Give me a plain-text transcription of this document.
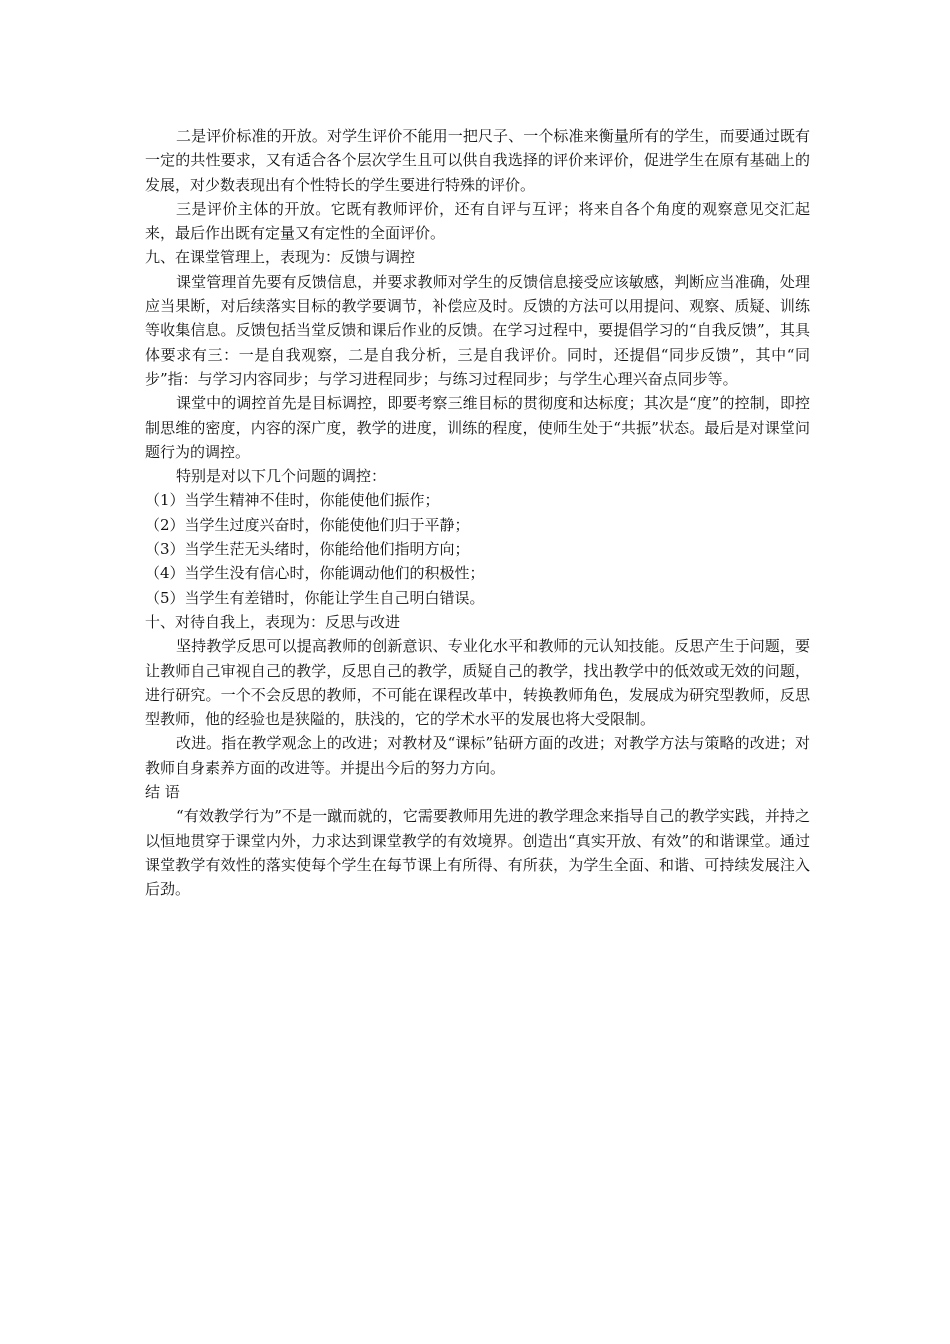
二是评价标准的开放。对学生评价不能用一把尺子、一个标准来衡量所有的学生，而要通过既有一定的共性要求，又有适合各个层次学生且可以供自我选择的评价来评价，促进学生在原有基础上的发展，对少数表现出有个性特长的学生要进行特殊的评价。

三是评价主体的开放。它既有教师评价，还有自评与互评；将来自各个角度的观察意见交汇起来，最后作出既有定量又有定性的全面评价。

九、在课堂管理上，表现为：反馈与调控

课堂管理首先要有反馈信息，并要求教师对学生的反馈信息接受应该敏感，判断应当准确，处理应当果断，对后续落实目标的教学要调节，补偿应及时。反馈的方法可以用提问、观察、质疑、训练等收集信息。反馈包括当堂反馈和课后作业的反馈。在学习过程中，要提倡学习的“自我反馈”，其具体要求有三：一是自我观察，二是自我分析，三是自我评价。同时，还提倡“同步反馈”，其中“同步”指：与学习内容同步；与学习进程同步；与练习过程同步；与学生心理兴奋点同步等。

课堂中的调控首先是目标调控，即要考察三维目标的贯彻度和达标度；其次是“度”的控制，即控制思维的密度，内容的深广度，教学的进度，训练的程度，使师生处于“共振”状态。最后是对课堂问题行为的调控。

特别是对以下几个问题的调控：

（1）当学生精神不佳时，你能使他们振作；

（2）当学生过度兴奋时，你能使他们归于平静；

（3）当学生茫无头绪时，你能给他们指明方向；

（4）当学生没有信心时，你能调动他们的积极性；

（5）当学生有差错时，你能让学生自己明白错误。

十、对待自我上，表现为：反思与改进

坚持教学反思可以提高教师的创新意识、专业化水平和教师的元认知技能。反思产生于问题，要让教师自己审视自己的教学，反思自己的教学，质疑自己的教学，找出教学中的低效或无效的问题，进行研究。一个不会反思的教师，不可能在课程改革中，转换教师角色，发展成为研究型教师，反思型教师，他的经验也是狭隘的，肤浅的，它的学术水平的发展也将大受限制。

改进。指在教学观念上的改进；对教材及“课标”钻研方面的改进；对教学方法与策略的改进；对教师自身素养方面的改进等。并提出今后的努力方向。

结 语

“有效教学行为”不是一蹴而就的，它需要教师用先进的教学理念来指导自己的教学实践，并持之以恒地贯穿于课堂内外，力求达到课堂教学的有效境界。创造出“真实开放、有效”的和谐课堂。通过课堂教学有效性的落实使每个学生在每节课上有所得、有所获，为学生全面、和谐、可持续发展注入后劲。
